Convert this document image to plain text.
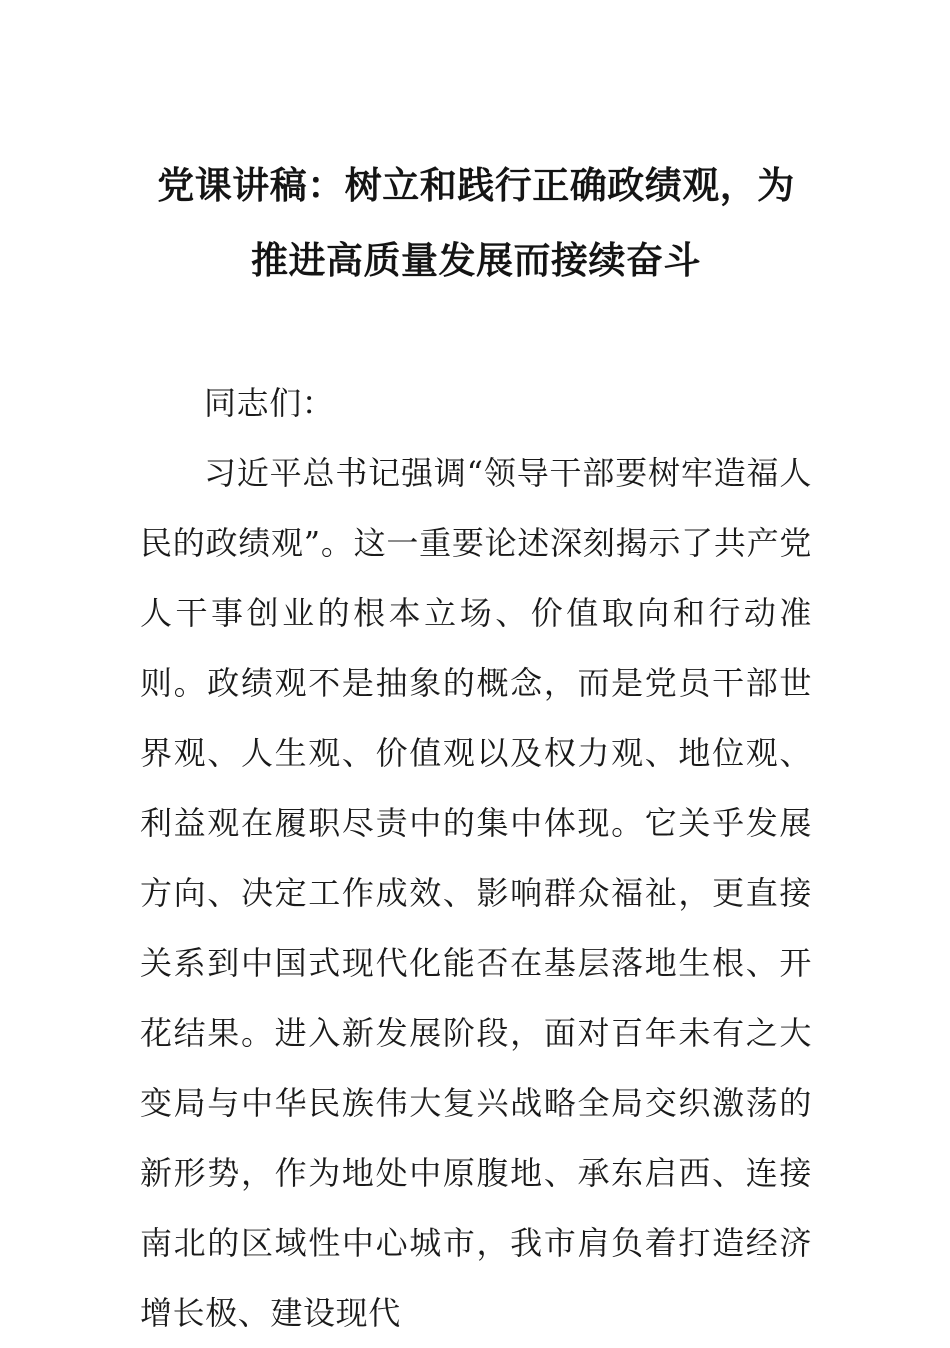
党课讲稿：树立和践行正确政绩观，为推进高质量发展而接续奋斗

同志们：

习近平总书记强调“领导干部要树牢造福人民的政绩观”。这一重要论述深刻揭示了共产党人干事创业的根本立场、价值取向和行动准则。政绩观不是抽象的概念，而是党员干部世界观、人生观、价值观以及权力观、地位观、利益观在履职尽责中的集中体现。它关乎发展方向、决定工作成效、影响群众福祉，更直接关系到中国式现代化能否在基层落地生根、开花结果。进入新发展阶段，面对百年未有之大变局与中华民族伟大复兴战略全局交织激荡的新形势，作为地处中原腹地、承东启西、连接南北的区域性中心城市，我市肩负着打造经济增长极、建设现代
